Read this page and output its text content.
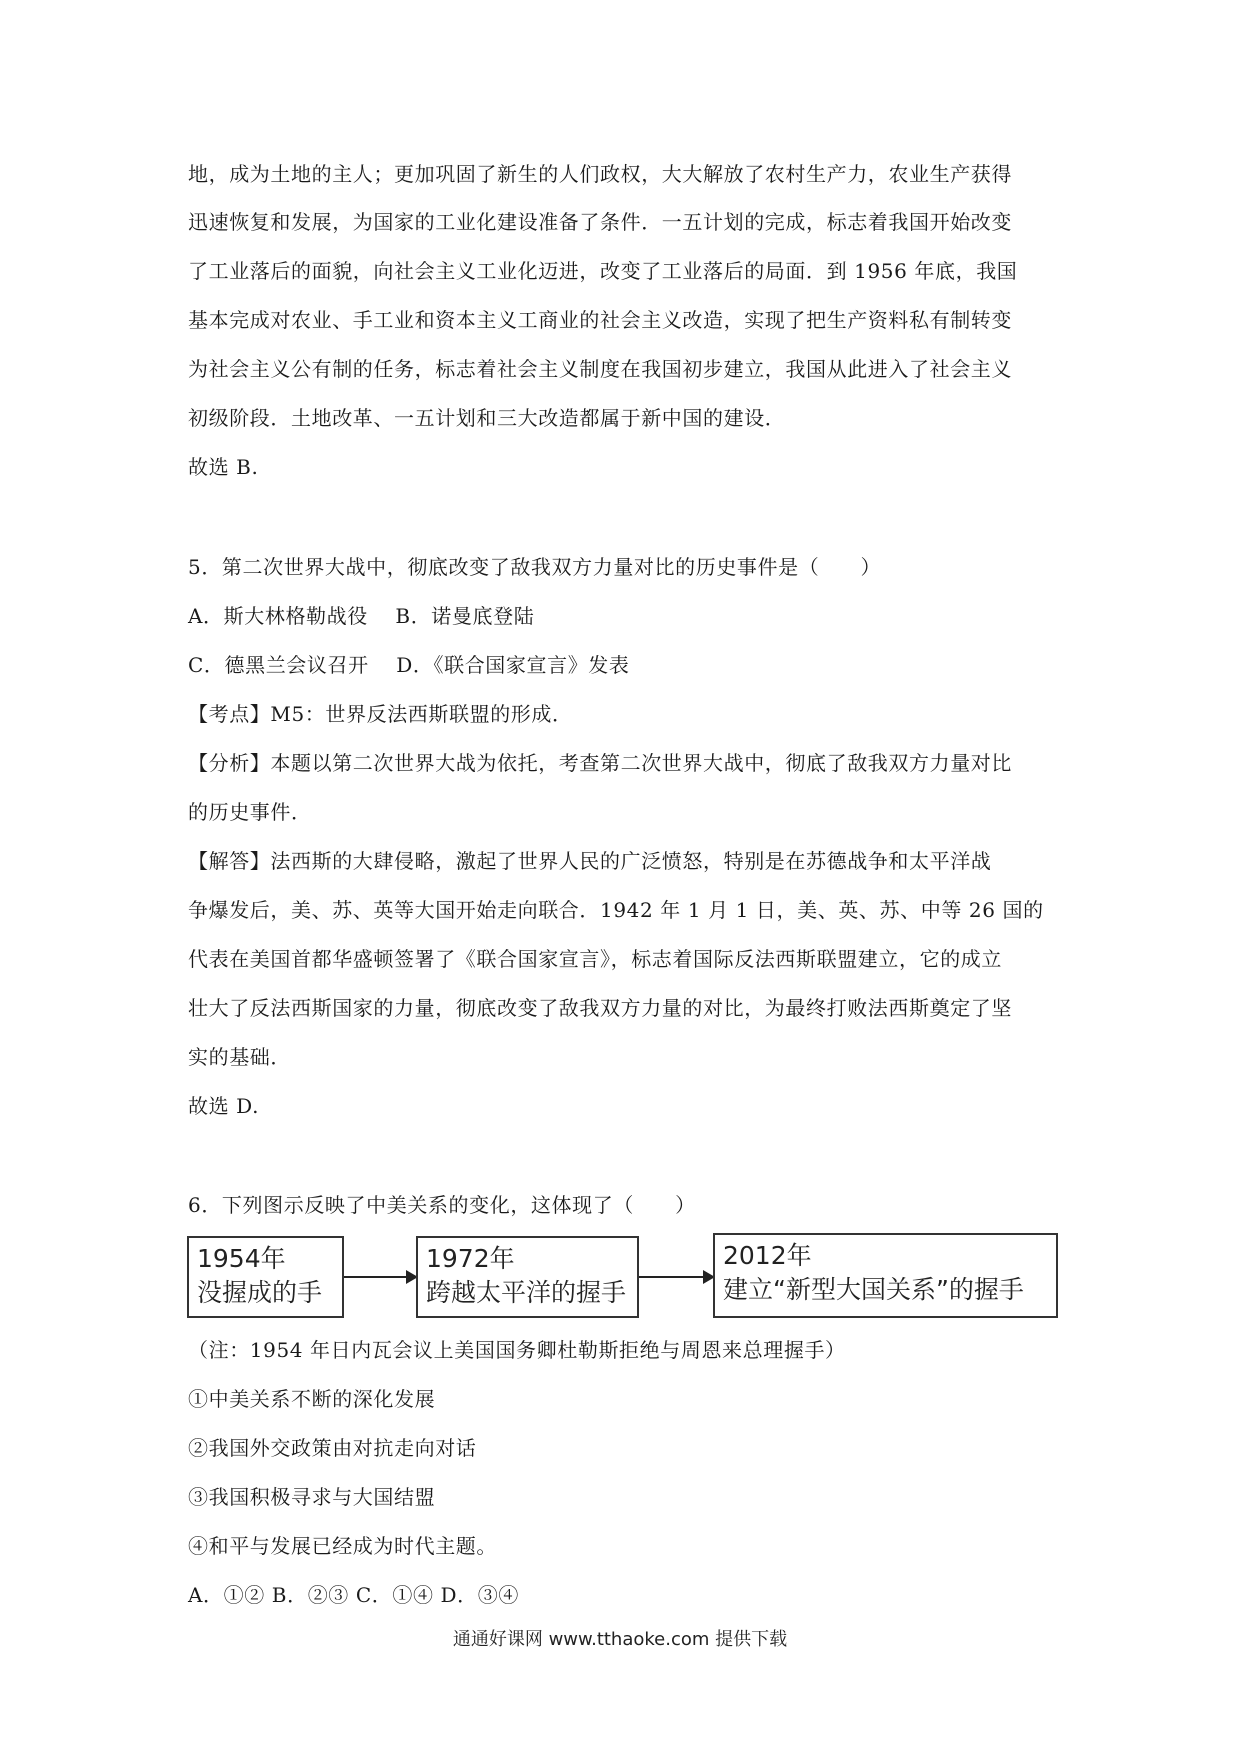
地，成为土地的主人；更加巩固了新生的人们政权，大大解放了农村生产力，农业生产获得
迅速恢复和发展，为国家的工业化建设准备了条件．一五计划的完成，标志着我国开始改变
了工业落后的面貌，向社会主义工业化迈进，改变了工业落后的局面．到 1956 年底，我国
基本完成对农业、手工业和资本主义工商业的社会主义改造，实现了把生产资料私有制转变
为社会主义公有制的任务，标志着社会主义制度在我国初步建立，我国从此进入了社会主义
初级阶段．土地改革、一五计划和三大改造都属于新中国的建设．
故选 B.
5．第二次世界大战中，彻底改变了敌我双方力量对比的历史事件是（　　）
A．斯大林格勒战役　 B．诺曼底登陆
C．德黑兰会议召开　 D．《联合国家宣言》发表
【考点】M5：世界反法西斯联盟的形成．
【分析】本题以第二次世界大战为依托，考查第二次世界大战中，彻底了敌我双方力量对比
的历史事件．
【解答】法西斯的大肆侵略，激起了世界人民的广泛愤怒，特别是在苏德战争和太平洋战
争爆发后，美、苏、英等大国开始走向联合．1942 年 1 月 1 日，美、英、苏、中等 26 国的
代表在美国首都华盛顿签署了《联合国家宣言》，标志着国际反法西斯联盟建立，它的成立
壮大了反法西斯国家的力量，彻底改变了敌我双方力量的对比，为最终打败法西斯奠定了坚
实的基础．
故选 D.
6．下列图示反映了中美关系的变化，这体现了（　　）
1954年
没握成的手
1972年
跨越太平洋的握手
2012年
建立“新型大国关系”的握手
（注：1954 年日内瓦会议上美国国务卿杜勒斯拒绝与周恩来总理握手）
①中美关系不断的深化发展
②我国外交政策由对抗走向对话
③我国积极寻求与大国结盟
④和平与发展已经成为时代主题。
A．①② B．②③ C．①④ D．③④
通通好课网 www.tthaoke.com 提供下载
